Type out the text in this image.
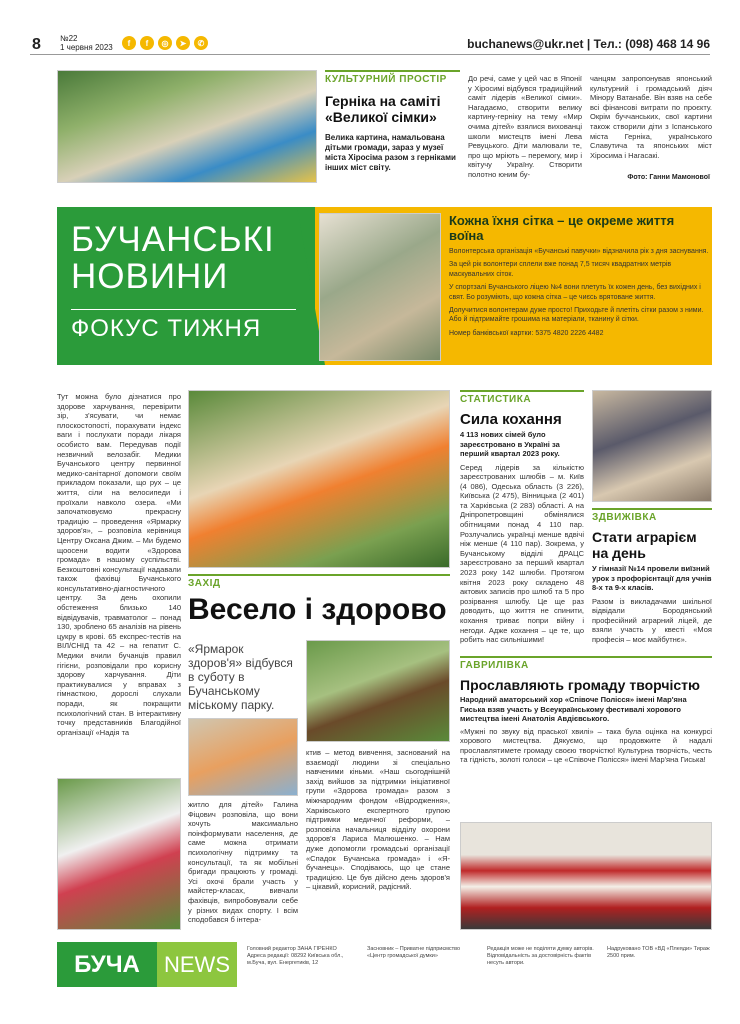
8 №22
1 червня 2023	f	f	◎	➤	✆	buchanews@ukr.net | Тел.: (098) 468 14 96
КУЛЬТУРНИЙ ПРОСТІР
Герніка на саміті «Великої сімки»
Велика картина, намальована дітьми громади, зараз у музеї міста Хіросіма разом з герніками інших міст світу.
До речі, саме у цей час в Японії у Хіросимі відбувся традиційний саміт лідерів «Великої сімки». Нагадаємо, створити велику картину-герніку на тему «Мир очима дітей» взялися вихованці школи мистецтв імені Лева Ревуцького. Діти малювали те, про що мріють – перемогу, мир і квітучу Україну. Створити полотно юним бу-
чанцям запропонував японський культурний і громадський діяч Мінору Ватанабе. Він взяв на себе всі фінансові витрати по проєкту. Окрім буччанських, свої картини також створили діти з Іспанського міста Герніка, українського Славутича та японських міст Хіросима і Нагасакі.
Фото: Ганни Мамонової
БУЧАНСЬКІ
НОВИНИ
ФОКУС ТИЖНЯ
Кожна їхня сітка – це окреме життя воїна
Волонтерська організація «Бучанські павучки» відзначила рік з дня заснування.
За цей рік волонтери сплели вже понад 7,5 тисяч квадратних метрів маскувальних сіток.
У спортзалі Бучанського ліцею №4 вони плетуть їх кожен день, без вихідних і свят. Бо розуміють, що кожна сітка – це чиєсь врятоване життя.
Долучитися волонтерам дуже просто! Приходьте й плетіть сітки разом з ними. Або й підтримайте грошима на матеріали, тканину й сітки.
Номер банківської картки: 5375 4820 2226 4482
Тут можна було дізнатися про здорове харчування, перевірити зір, з'ясувати, чи немає плоскостопості, порахувати індекс ваги і послухати поради лікаря особисто вам. Передував події незвичний велозабіг. Медики Бучанського центру первинної медико-санітарної допомоги своїм прикладом показали, що рух – це життя, сіли на велосипеди і проїхали навколо озера. «Ми започатковуємо прекрасну традицію – проведення «Ярмарку здоров'я», – розповіла керівниця Центру Оксана Джим. – Ми будемо щоосени водити «Здорова громада» в нашому суспільстві. Безкоштовні консультації надавали також фахівці Бучанського консультативно-діагностичного центру. За день охопили обстеження близько 140 відвідувачів, травматолог – понад 130, зроблено 65 аналізів на рівень цукру в крові. 65 експрес-тестів на ВІЛ/СНІД та 42 – на гепатит С. Медики вчили бучанців правил гігієни, розповідали про корисну здорову харчування. Діти практикувалися у вправах з гімнасткою, дорослі слухали поради, як покращити психологічний стан. В інтерактивну точку представників Благодійної організації «Надія та
ЗАХІД
Весело і здорово
«Ярмарок здоров'я» відбувся в суботу в Бучанському міському парку.
житло для дітей» Галина Фіцович розповіла, що вони хочуть максимально поінформувати населення, де саме можна отримати психологічну підтримку та консультації, та як мобільні бригади працюють у громаді. Усі охочі брали участь у майстер-класах, вивчали фахівців, випробовували себе у різних видах спорту. І всім сподобався б інтера-
ктив – метод вивчення, заснований на взаємодії людини зі спеціально навченими кіньми. «Наш сьогоднішній захід вийшов за підтримки ініціативної групи «Здорова громада» разом з міжнародним фондом «Відродження», Харківського експертного групою підтримки медичної реформи, – розповіла начальниця відділу охорони здоров'я Лариса Малюшенко. – Нам дуже допомогли громадські організації «Спадок Бучанська громада» і «Я-бучанець». Сподіваюсь, що це стане традицією. Це був дійсно день здоров'я – цікавий, корисний, радісний.
СТАТИСТИКА
Сила кохання
4 113 нових сімей було зареєстровано в Україні за перший квартал 2023 року.
Серед лідерів за кількістю зареєстрованих шлюбів – м. Київ (4 086), Одеська область (3 226), Київська (2 475), Вінницька (2 401) та Харківська (2 283) області. А на Дніпропетровщині обмінялися обітницями понад 4 110 пар. Розлучались українці менше вдвічі ніж менше (4 110 пар). Зокрема, у Бучанському відділі ДРАЦС зареєстровано за перший квартал 2023 року 142 шлюби. Протягом квітня 2023 року складено 48 актових записів про шлюб та 5 про розірвання шлюбу. Це ще раз доводить, що життя не спинити, кохання триває попри війну і негоди. Адже кохання – це те, що робить нас сильнішими!
ЗДВИЖІВКА
Стати аграрієм на день
У гімназії №14 провели виїзний урок з профорієнтації для учнів 8-х та 9-х класів.
Разом із викладачами шкільної відвідали Бородянський професійний аграрний ліцей, де взяли участь у квесті «Моя професія – моє майбутнє».
ГАВРИЛІВКА
Прославляють громаду творчістю
Народний аматорський хор «Співоче Полісся» імені Мар'яна Гиська взяв участь у Всеукраїнському фестивалі хорового мистецтва імені Анатолія Авдієвського.
«Мужні по звуку від праської хвилі» – така була оцінка на конкурсі хорового мистецтва. Дякуємо, що продовжите й надалі прославлятимете громаду своєю творчістю! Культурна творчість, честь та гідність, золоті голоси – це «Співоче Полісся» імені Мар'яна Гиська!
БУЧА	NEWS
Головний редактор ЗАНА ГІРЕНКО Адреса редакції: 08292 Київська обл., м.Буча, вул. Енергетиків, 12
Засновник – Приватне підприємство «Центр громадської думки»
Редакція може не поділяти думку авторів. Відповідальність за достовірність фактів несуть автори.
Надруковано ТОВ «ВД «Плеяди» Тираж 2500 прим.
